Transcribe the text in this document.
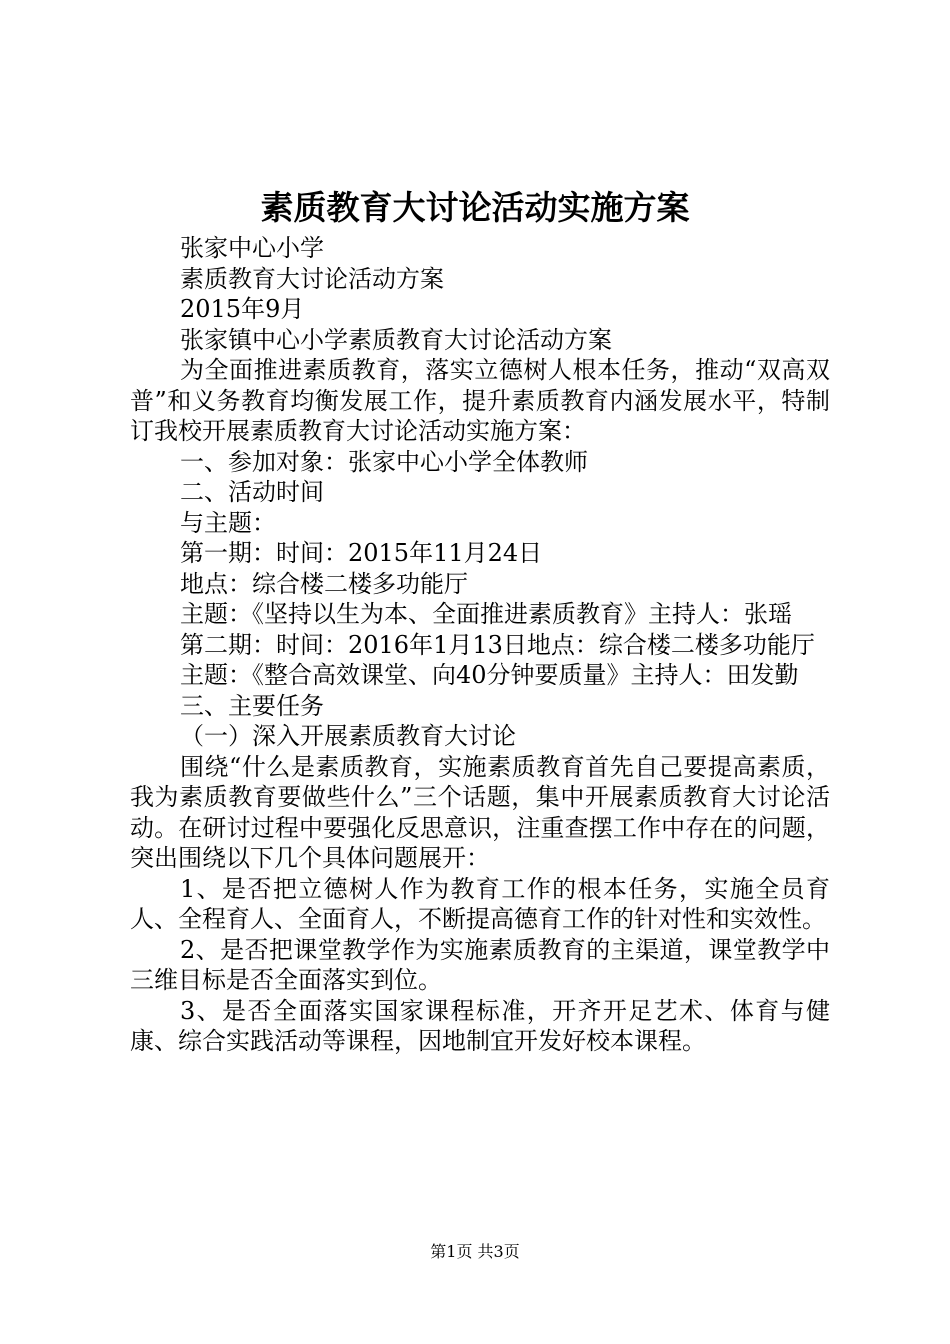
素质教育大讨论活动实施方案

张家中心小学

素质教育大讨论活动方案

2015年9月

张家镇中心小学素质教育大讨论活动方案

为全面推进素质教育，落实立德树人根本任务，推动“双高双普”和义务教育均衡发展工作，提升素质教育内涵发展水平，特制订我校开展素质教育大讨论活动实施方案：

一、参加对象：张家中心小学全体教师

二、活动时间

与主题：

第一期：时间：2015年11月24日

地点：综合楼二楼多功能厅

主题：《坚持以生为本、全面推进素质教育》主持人：张瑶

第二期：时间：2016年1月13日地点：综合楼二楼多功能厅

主题：《整合高效课堂、向40分钟要质量》主持人：田发勤

三、主要任务

（一）深入开展素质教育大讨论

围绕“什么是素质教育，实施素质教育首先自己要提高素质，我为素质教育要做些什么”三个话题，集中开展素质教育大讨论活动。在研讨过程中要强化反思意识，注重查摆工作中存在的问题，突出围绕以下几个具体问题展开：

1、是否把立德树人作为教育工作的根本任务，实施全员育人、全程育人、全面育人，不断提高德育工作的针对性和实效性。

2、是否把课堂教学作为实施素质教育的主渠道，课堂教学中三维目标是否全面落实到位。

3、是否全面落实国家课程标准，开齐开足艺术、体育与健康、综合实践活动等课程，因地制宜开发好校本课程。

第1页 共3页
